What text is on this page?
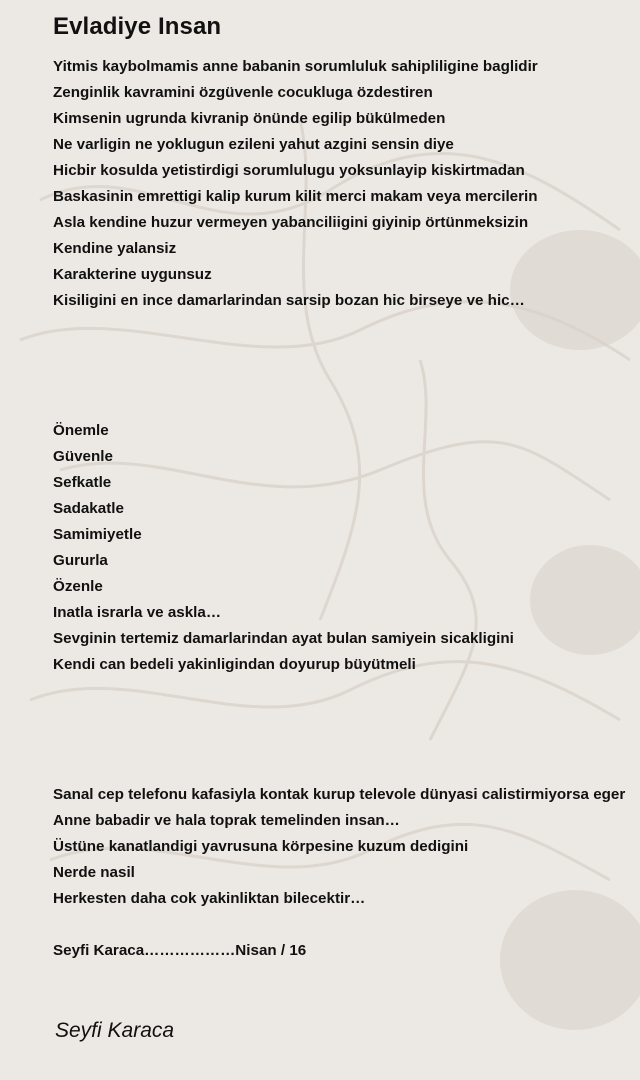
Evladiye Insan
Yitmis kaybolmamis anne babanin sorumluluk sahipliligine baglidir
Zenginlik kavramini özgüvenle cocukluga özdestiren
Kimsenin ugrunda kivranip önünde egilip bükülmeden
Ne varligin ne yoklugun ezileni yahut azgini sensin diye
Hicbir kosulda yetistirdigi sorumlulugu yoksunlayip kiskirtmadan
Baskasinin emrettigi kalip kurum kilit merci makam veya mercilerin
Asla kendine huzur vermeyen yabanciliigini giyinip örtünmeksizin
Kendine yalansiz
Karakterine uygunsuz
Kisiligini en ince damarlarindan sarsip bozan hic birseye ve hic…
Önemle
Güvenle
Sefkatle
Sadakatle
Samimiyetle
Gururla
Özenle
Inatla israrla ve askla…
Sevginin tertemiz damarlarindan ayat bulan samiyein sicakligini
Kendi can bedeli yakinligindan doyurup büyütmeli
Sanal cep telefonu kafasiyla kontak kurup televole dünyasi calistirmiyorsa eger
Anne babadir ve hala toprak temelinden insan…
Üstüne kanatlandigi yavrusuna körpesine kuzum dedigini
Nerde nasil
Herkesten daha cok yakinliktan bilecektir…
Seyfi Karaca………………Nisan / 16
Seyfi Karaca
